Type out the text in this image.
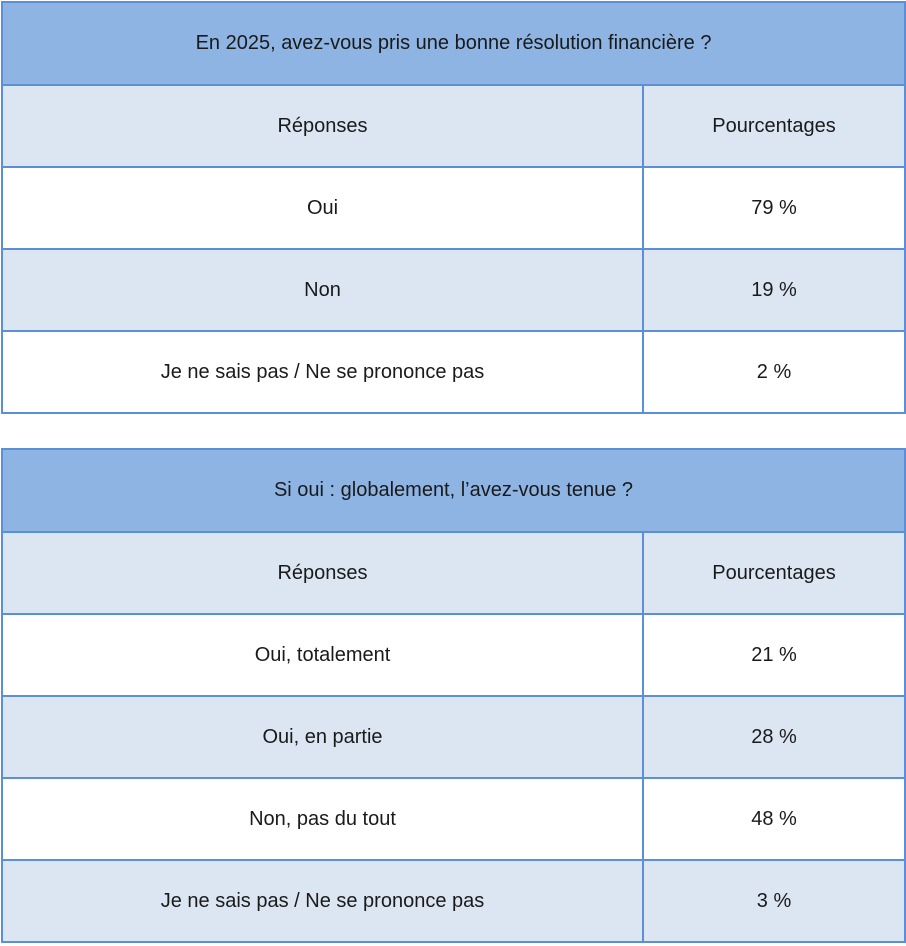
En 2025, avez-vous pris une bonne résolution financière ?	
Réponses	Pourcentages
Oui	79 %
Non	19 %
Je ne sais pas / Ne se prononce pas	2 %
Si oui : globalement, l’avez-vous tenue ?	
Réponses	Pourcentages
Oui, totalement	21 %
Oui, en partie	28 %
Non, pas du tout	48 %
Je ne sais pas / Ne se prononce pas	3 %
